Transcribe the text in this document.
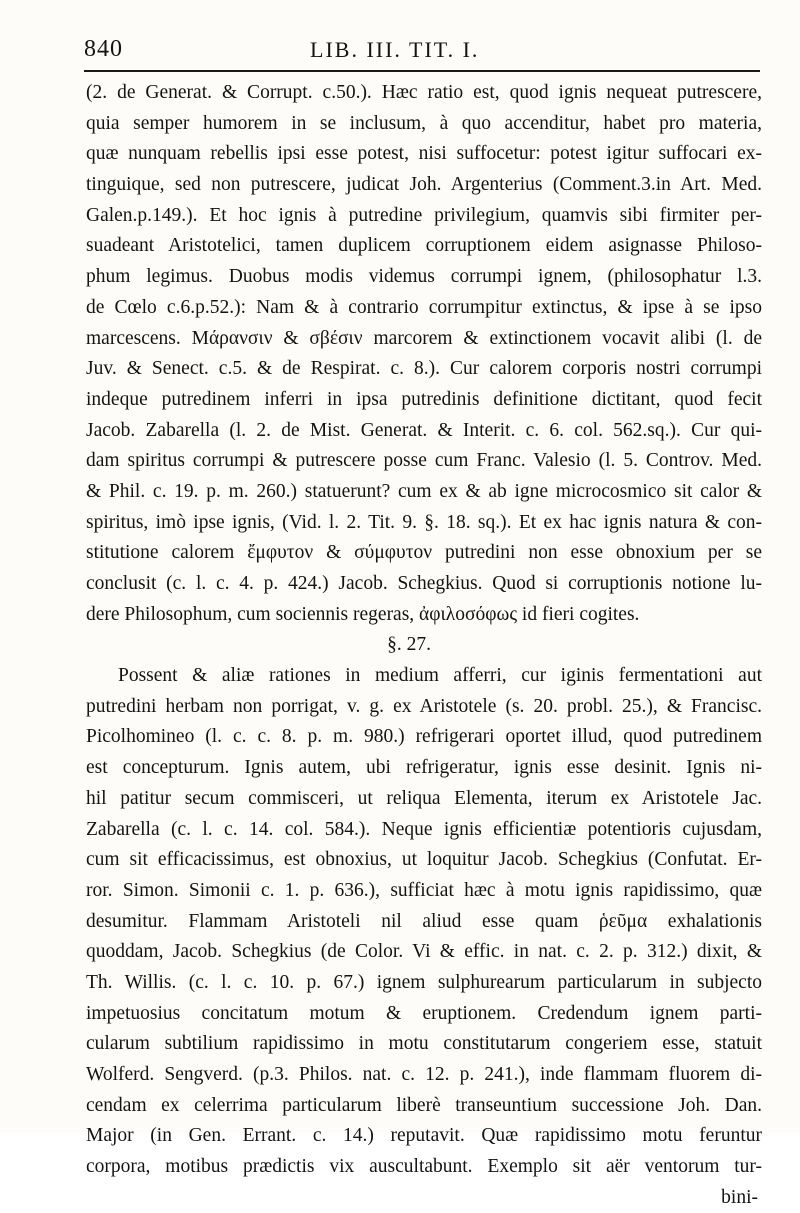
840	LIB. III. TIT. I.
(2. de Generat. & Corrupt. c.50.). Hæc ratio est, quod ignis nequeat putrescere,
quia semper humorem in se inclusum, à quo accenditur, habet pro materia,
quæ nunquam rebellis ipsi esse potest, nisi suffocetur: potest igitur suffocari ex-
tinguique, sed non putrescere, judicat Joh. Argenterius (Comment.3.in Art. Med.
Galen.p.149.). Et hoc ignis à putredine privilegium, quamvis sibi firmiter per-
suadeant Aristotelici, tamen duplicem corruptionem eidem asignasse Philoso-
phum legimus. Duobus modis videmus corrumpi ignem, (philosophatur l.3.
de Cœlo c.6.p.52.): Nam & à contrario corrumpitur extinctus, & ipse à se ipso
marcescens. Μάρανσιν & σβέσιν marcorem & extinctionem vocavit alibi (l. de
Juv. & Senect. c.5. & de Respirat. c. 8.). Cur calorem corporis nostri corrumpi
indeque putredinem inferri in ipsa putredinis definitione dictitant, quod fecit
Jacob. Zabarella (l. 2. de Mist. Generat. & Interit. c. 6. col. 562.sq.). Cur qui-
dam spiritus corrumpi & putrescere posse cum Franc. Valesio (l. 5. Controv. Med.
& Phil. c. 19. p. m. 260.) statuerunt? cum ex & ab igne microcosmico sit calor &
spiritus, imò ipse ignis, (Vid. l. 2. Tit. 9. §. 18. sq.). Et ex hac ignis natura & con-
stitutione calorem ἔμφυτον & σύμφυτον putredini non esse obnoxium per se
conclusit (c. l. c. 4. p. 424.) Jacob. Schegkius. Quod si corruptionis notione lu-
dere Philosophum, cum sociennis regeras, ἀφιλοσόφως id fieri cogites.
§. 27.
Possent & aliæ rationes in medium afferri, cur iginis fermentationi aut
putredini herbam non porrigat, v. g. ex Aristotele (s. 20. probl. 25.), & Francisc.
Picolhomineo (l. c. c. 8. p. m. 980.) refrigerari oportet illud, quod putredinem
est concepturum. Ignis autem, ubi refrigeratur, ignis esse desinit. Ignis ni-
hil patitur secum commisceri, ut reliqua Elementa, iterum ex Aristotele Jac.
Zabarella (c. l. c. 14. col. 584.). Neque ignis efficientiæ potentioris cujusdam,
cum sit efficacissimus, est obnoxius, ut loquitur Jacob. Schegkius (Confutat. Er-
ror. Simon. Simonii c. 1. p. 636.), sufficiat hæc à motu ignis rapidissimo, quæ
desumitur. Flammam Aristoteli nil aliud esse quam ῥεῦμα exhalationis
quoddam, Jacob. Schegkius (de Color. Vi & effic. in nat. c. 2. p. 312.) dixit, &
Th. Willis. (c. l. c. 10. p. 67.) ignem sulphurearum particularum in subjecto
impetuosius concitatum motum & eruptionem. Credendum ignem parti-
cularum subtilium rapidissimo in motu constitutarum congeriem esse, statuit
Wolferd. Sengverd. (p.3. Philos. nat. c. 12. p. 241.), inde flammam fluorem di-
cendam ex celerrima particularum liberè transeuntium successione Joh. Dan.
Major (in Gen. Errant. c. 14.) reputavit. Quæ rapidissimo motu feruntur
corpora, motibus prædictis vix auscultabunt. Exemplo sit aër ventorum tur-
bini-
